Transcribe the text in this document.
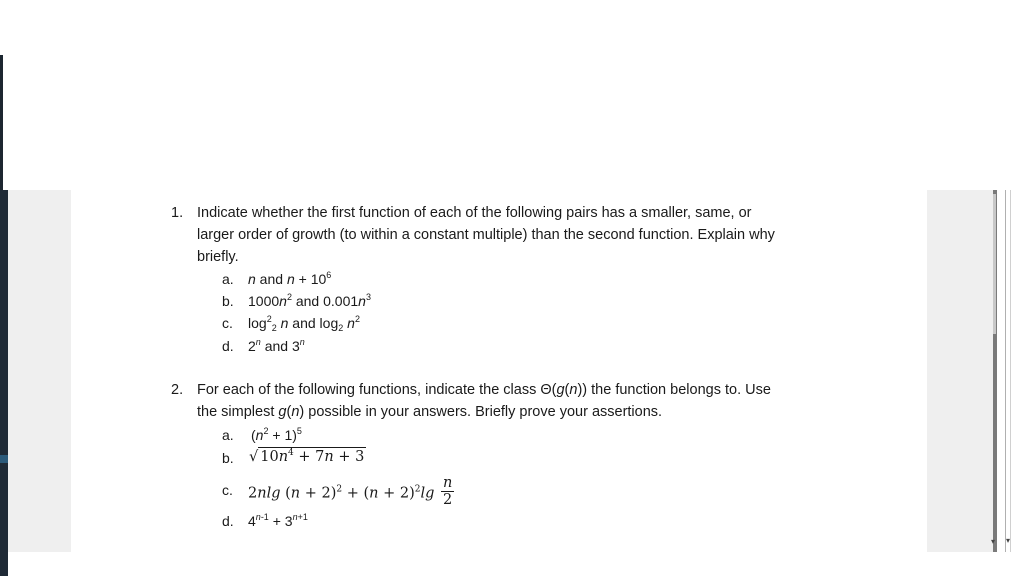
▾ ▾
1. Indicate whether the first function of each of the following pairs has a smaller, same, or
larger order of growth (to within a constant multiple) than the second function. Explain why
briefly.
a. n and $n + 10^6$
b. $1000n^2$ and $0.001n^3$
c. $\log^2_2 n$ and $\log_2 n^2$
d. 2$^n$ and 3$^n$
2. For each of the following functions, indicate the class Θ(g(n)) the function belongs to. Use
the simplest g(n) possible in your answers. Briefly prove your assertions.
a. $(n^2 + 1)^5$
b. √ $10n^4 + 7n + 3$
c. 2nlg $(n + 2)^2 + (n + 2)^2\lg \frac{n}{2}$
d. $4^{n-1} + 3^{n+1}$
